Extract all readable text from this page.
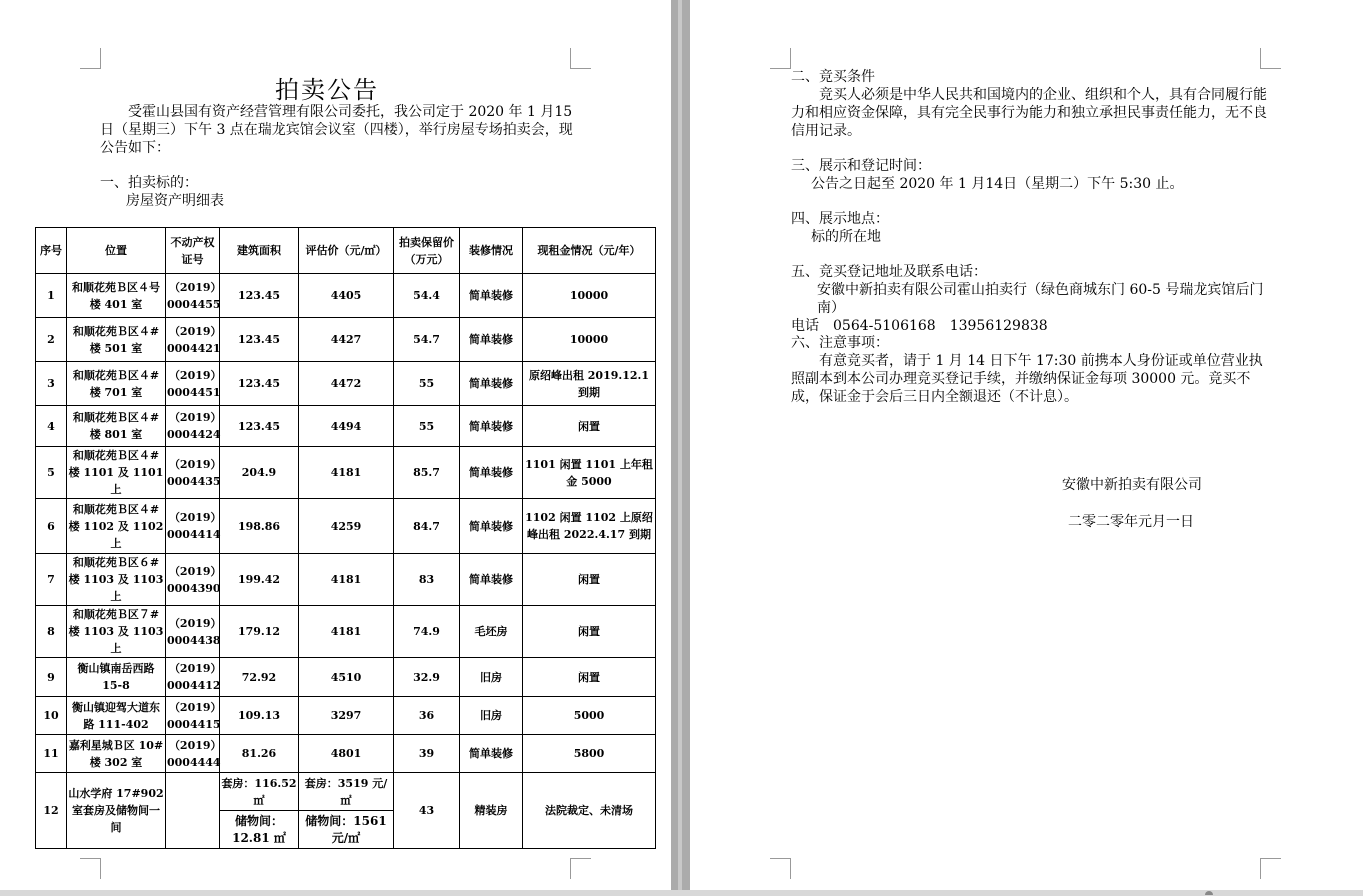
拍卖公告
受霍山县国有资产经营管理有限公司委托，我公司定于 2020 年 1 月15 日（星期三）下午 3 点在瑞龙宾馆会议室（四楼），举行房屋专场拍卖会，现公告如下：
一、拍卖标的：
房屋资产明细表
序号	位置	不动产权证号	建筑面积	评估价（元/㎡）	拍卖保留价（万元）	装修情况	现租金情况（元/年）
1	和顺花苑Ｂ区４号楼 401 室	（2019）0004455	123.45	4405	54.4	简单装修	10000
2	和顺花苑Ｂ区４#楼 501 室	（2019）0004421	123.45	4427	54.7	简单装修	10000
3	和顺花苑Ｂ区４#楼 701 室	（2019）0004451	123.45	4472	55	简单装修	原绍峰出租 2019.12.1 到期
4	和顺花苑Ｂ区４#楼 801 室	（2019）0004424	123.45	4494	55	简单装修	闲置
5	和顺花苑Ｂ区４#楼 1101 及 1101 上	（2019）0004435	204.9	4181	85.7	简单装修	1101 闲置 1101 上年租金 5000
6	和顺花苑Ｂ区４#楼 1102 及 1102 上	（2019）0004414	198.86	4259	84.7	简单装修	1102 闲置 1102 上原绍峰出租 2022.4.17 到期
7	和顺花苑Ｂ区６#楼 1103 及 1103 上	（2019）0004390	199.42	4181	83	简单装修	闲置
8	和顺花苑Ｂ区７#楼 1103 及 1103 上	（2019）0004438	179.12	4181	74.9	毛坯房	闲置
9	衡山镇南岳西路 15-8	（2019）0004412	72.92	4510	32.9	旧房	闲置
10	衡山镇迎驾大道东路 111-402	（2019）0004415	109.13	3297	36	旧房	5000
11	嘉利星城Ｂ区 10#楼 302 室	（2019）0004444	81.26	4801	39	简单装修	5800
12	山水学府 17#902 室套房及储物间一间		套房：116.52 ㎡	套房：3519 元/㎡	43	精装房	法院裁定、未清场
			储物间：12.81 ㎡	储物间：1561 元/㎡			
二、竞买条件
竞买人必须是中华人民共和国境内的企业、组织和个人，具有合同履行能力和相应资金保障，具有完全民事行为能力和独立承担民事责任能力，无不良信用记录。
三、展示和登记时间：
公告之日起至 2020 年 1 月14日（星期二）下午 5:30 止。
四、展示地点：
标的所在地
五、竞买登记地址及联系电话：
安徽中新拍卖有限公司霍山拍卖行（绿色商城东门 60-5 号瑞龙宾馆后门南）
电话　0564-5106168　13956129838
六、注意事项：
有意竞买者，请于 1 月 14 日下午 17:30 前携本人身份证或单位营业执照副本到本公司办理竞买登记手续，并缴纳保证金每项 30000 元。竞买不成，保证金于会后三日内全额退还（不计息）。
安徽中新拍卖有限公司
二零二零年元月一日
